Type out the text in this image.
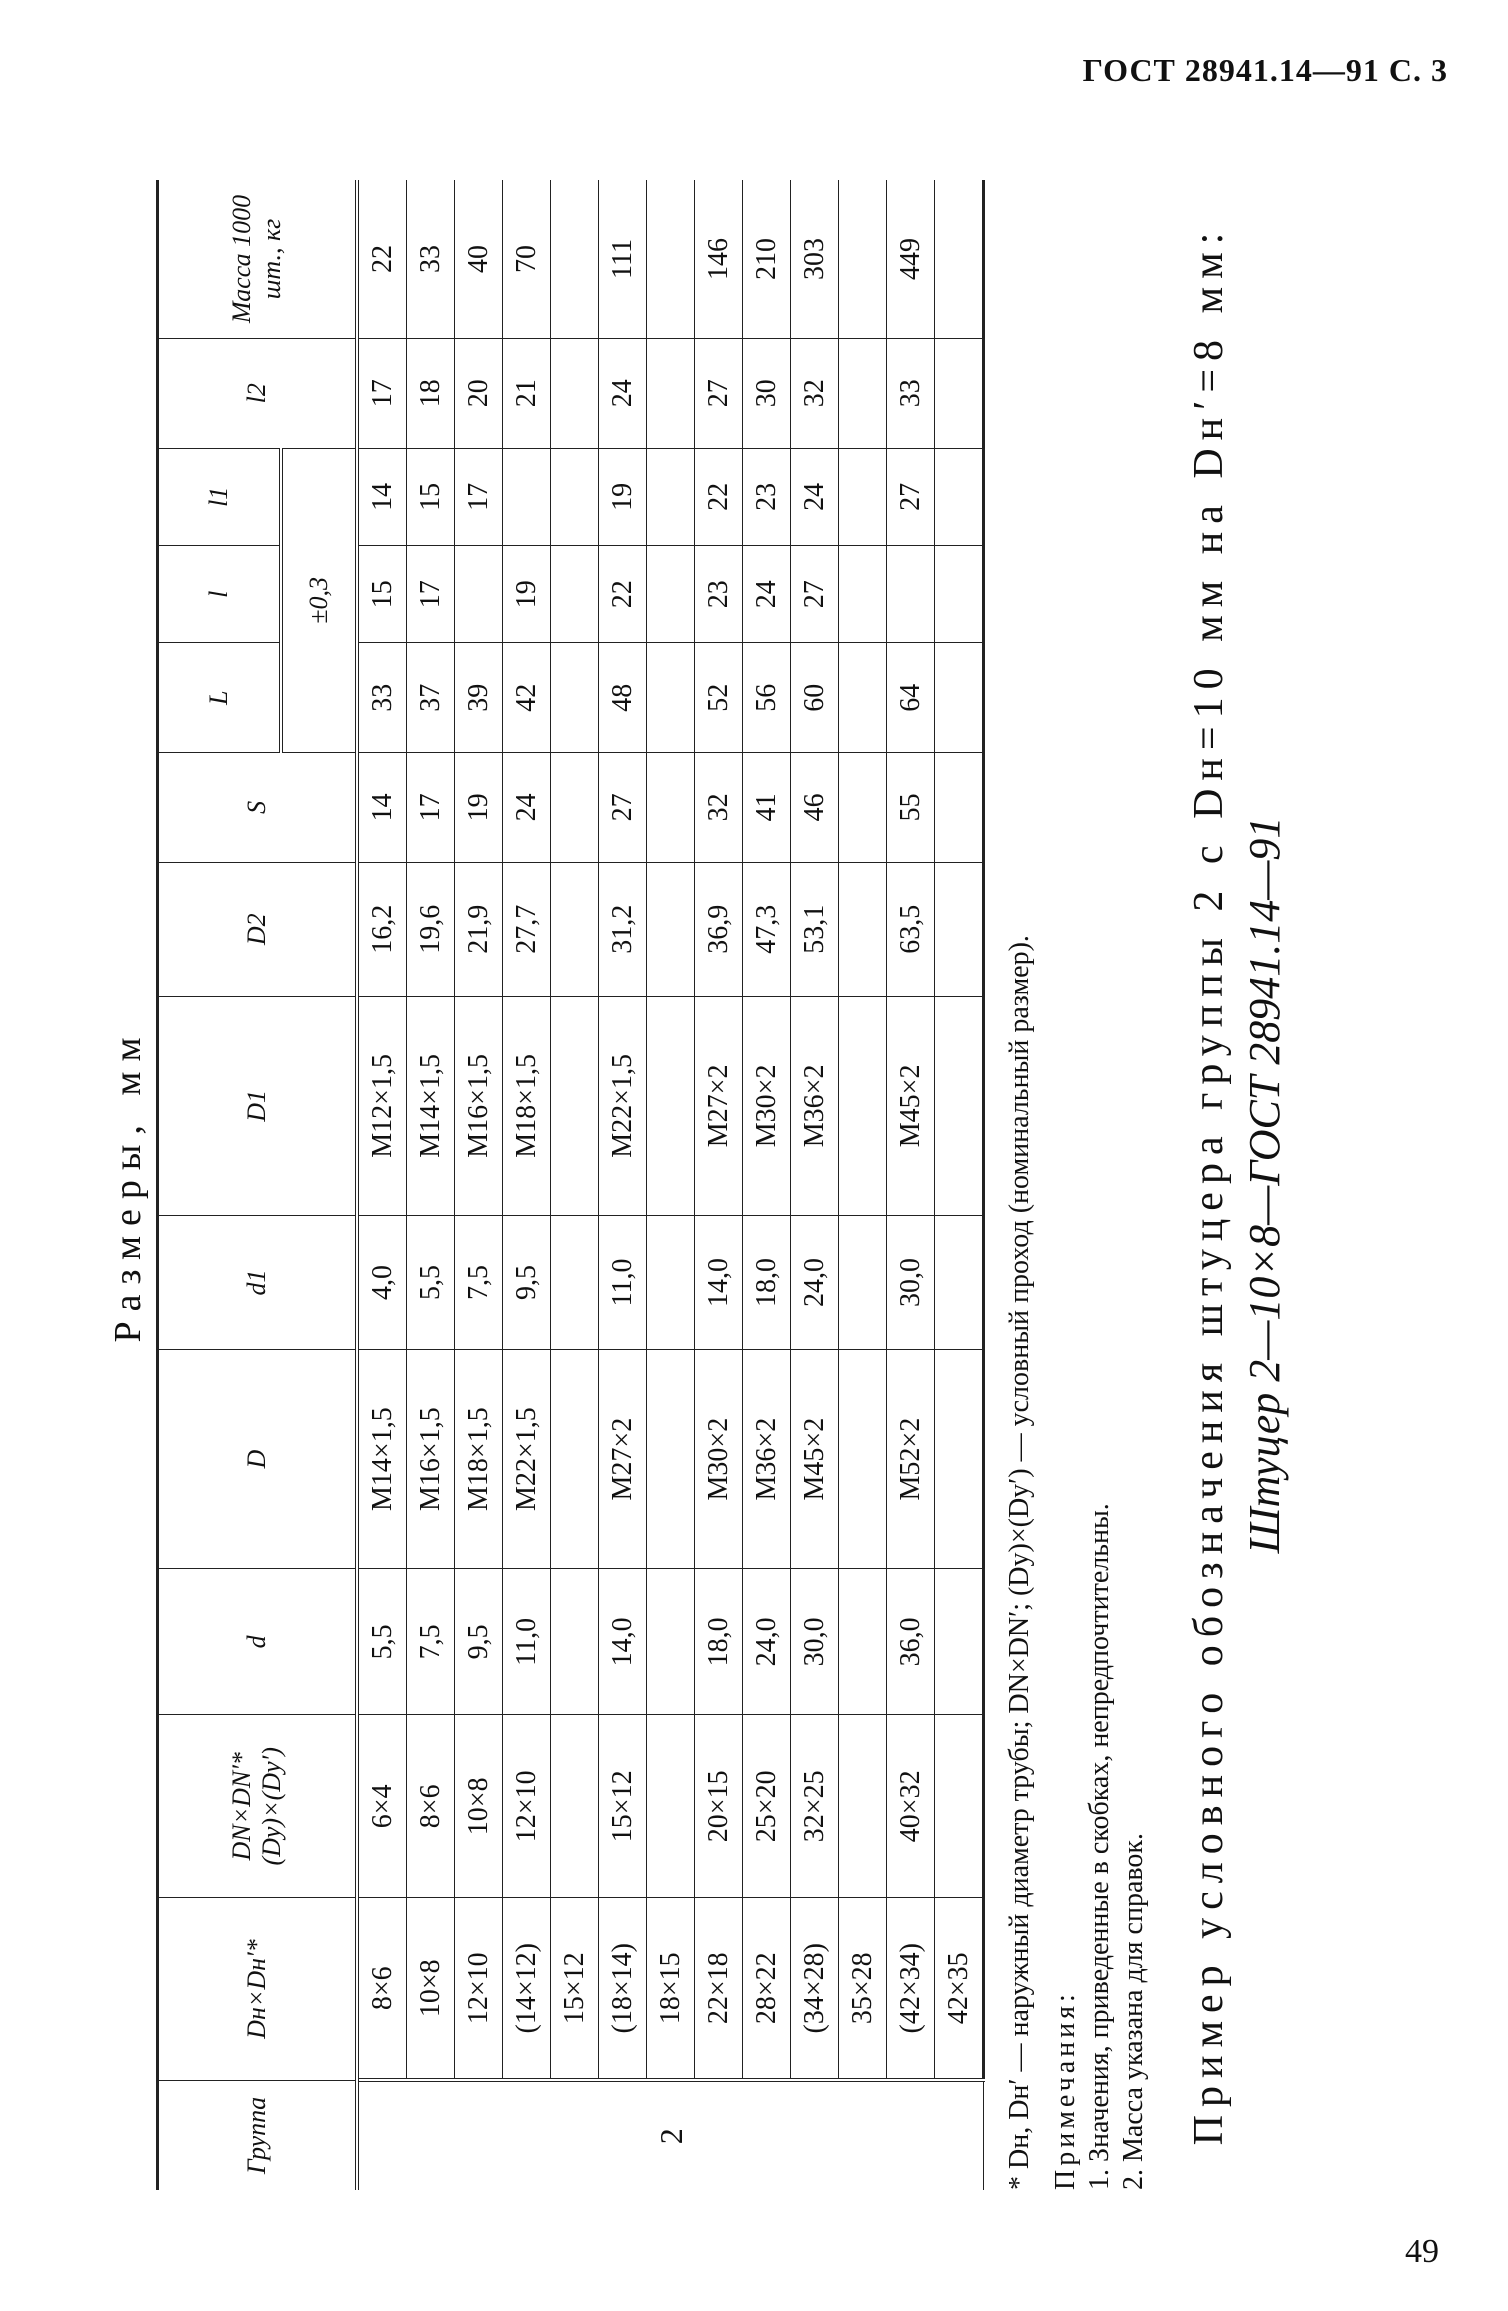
ГОСТ 28941.14—91 С. 3
Размеры, мм
Группа	Dн×Dн′*	DN×DN′* (Dy)×(Dy′)	d	D	d1	D1	D2	S	L	l	l1	l2	Масса 1000 шт., кг
									±0,3				
2	8×6	6×4	5,5	M14×1,5	4,0	M12×1,5	16,2	14	33	15	14	17	22
	10×8	8×6	7,5	M16×1,5	5,5	M14×1,5	19,6	17	37	17	15	18	33
	12×10	10×8	9,5	M18×1,5	7,5	M16×1,5	21,9	19	39		17	20	40
	(14×12)	12×10	11,0	M22×1,5	9,5	M18×1,5	27,7	24	42	19		21	70
	15×12												
	(18×14)	15×12	14,0	M27×2	11,0	M22×1,5	31,2	27	48	22	19	24	111
	18×15												
	22×18	20×15	18,0	M30×2	14,0	M27×2	36,9	32	52	23	22	27	146
	28×22	25×20	24,0	M36×2	18,0	M30×2	47,3	41	56	24	23	30	210
	(34×28)	32×25	30,0	M45×2	24,0	M36×2	53,1	46	60	27	24	32	303
	35×28												
	(42×34)	40×32	36,0	M52×2	30,0	M45×2	63,5	55	64		27	33	449
	42×35												* Dн, Dн′ — наружный диаметр трубы; DN×DN′; (Dy)×(Dy′) — условный проход (номинальный размер). Примечания: 1. Значения, приведенные в скобках, непредпочтительны. 2. Масса указана для справок. Пример условного обозначения штуцера группы 2 с Dн=10 мм на Dн′=8 мм: Штуцер 2—10×8—ГОСТ 28941.14—91
49
